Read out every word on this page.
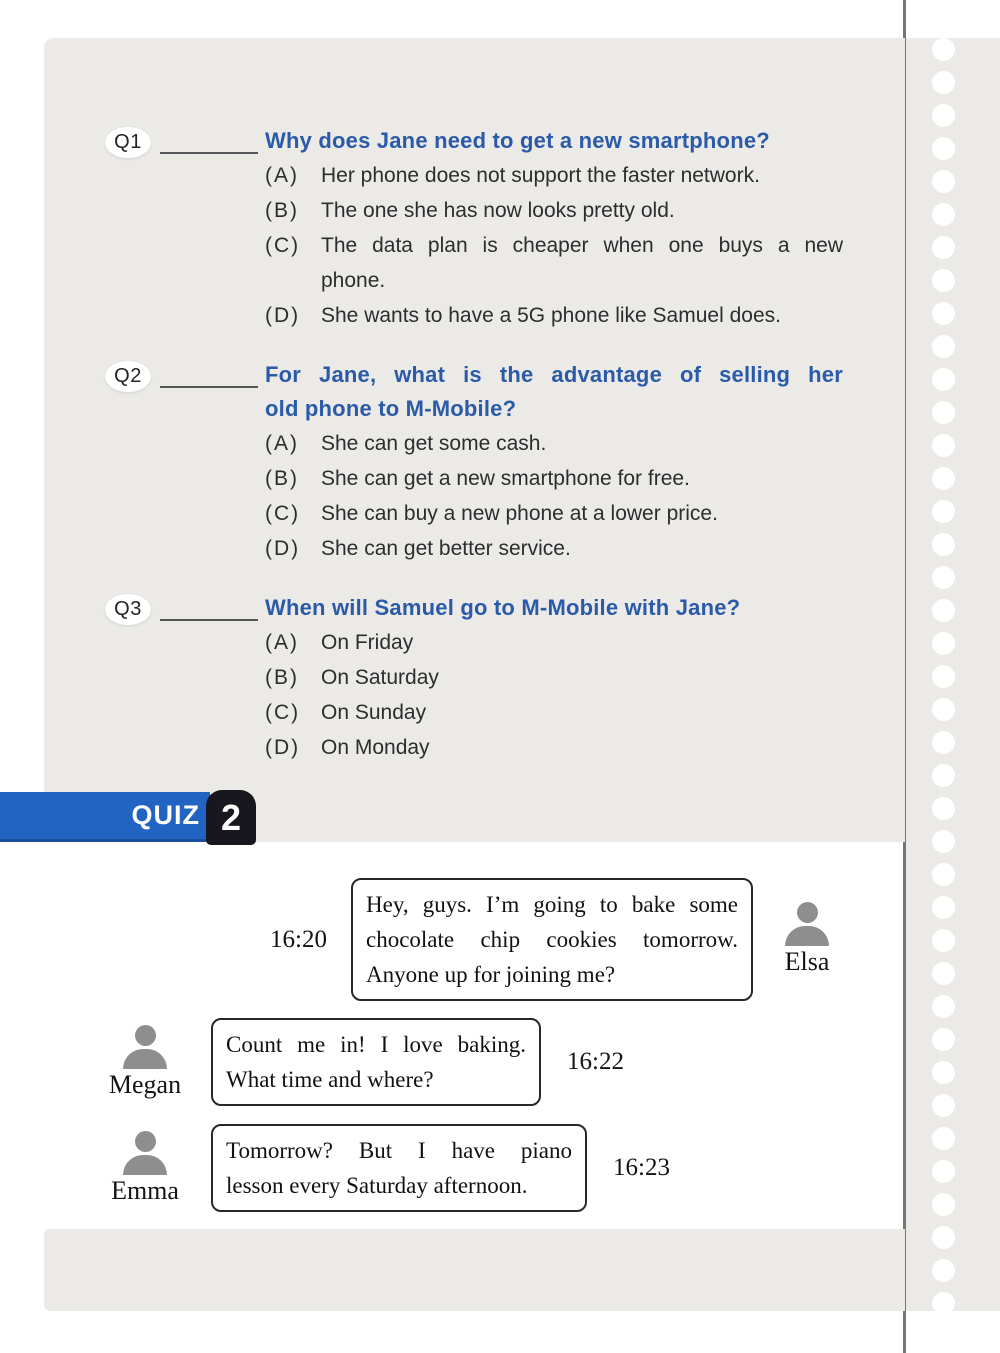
Q1	Why does Jane need to get a new smartphone?
(A)	Her phone does not support the faster network.
(B)	The one she has now looks pretty old.
(C) The data plan is cheaper when one buys a new
phone.
(D) She wants to have a 5G phone like Samuel does.
Q2	For Jane, what is the advantage of selling her
old phone to M-Mobile?
(A)	She can get some cash.
(B)	She can get a new smartphone for free.
(C) She can buy a new phone at a lower price.
(D) She can get better service.
Q3	When will Samuel go to M-Mobile with Jane?
(A)	On Friday
(B)	On Saturday
(C) On Sunday
(D) On Monday
QUIZ 2
Elsa
Hey, guys. I’m going to bake some
chocolate chip cookies tomorrow.
Anyone up for joining me?
16:20
Megan
Count me in! I love baking.
What time and where?
16:22
Emma
Tomorrow? But I have piano
lesson every Saturday afternoon.
16:23
